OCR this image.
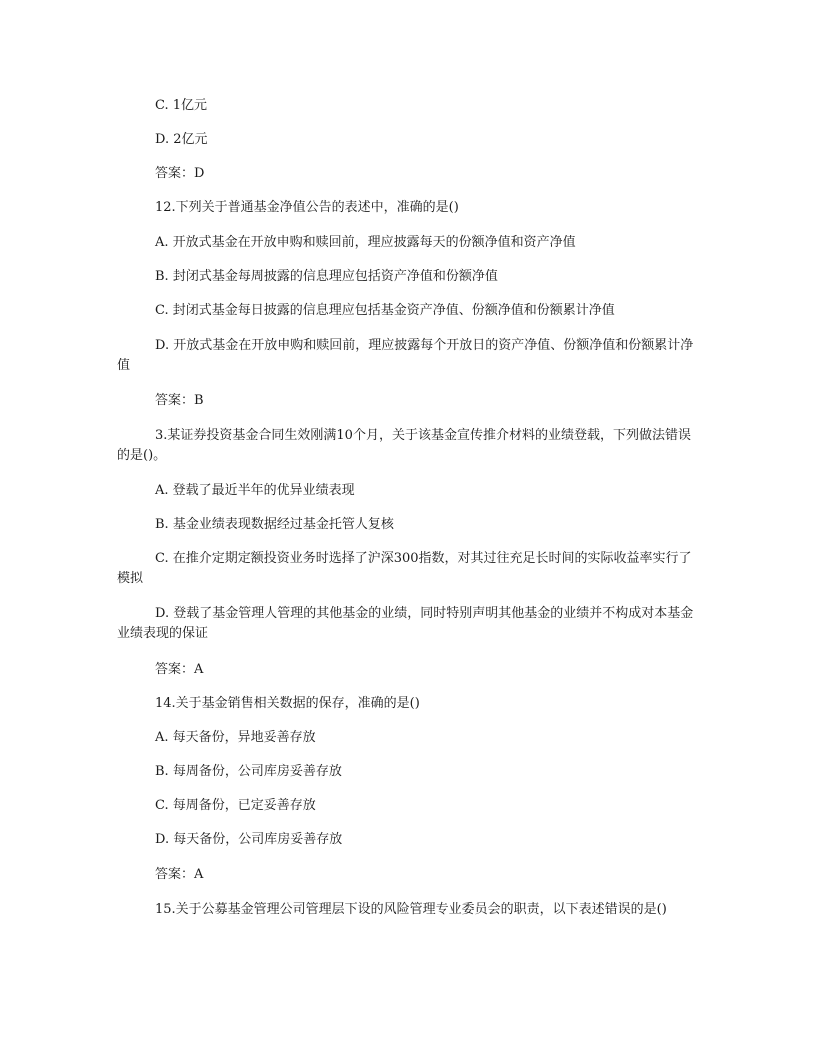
C. 1亿元

D. 2亿元

答案：D

12.下列关于普通基金净值公告的表述中，准确的是()

A. 开放式基金在开放申购和赎回前，理应披露每天的份额净值和资产净值

B. 封闭式基金每周披露的信息理应包括资产净值和份额净值

C. 封闭式基金每日披露的信息理应包括基金资产净值、份额净值和份额累计净值

D. 开放式基金在开放申购和赎回前，理应披露每个开放日的资产净值、份额净值和份额累计净值

答案：B

3.某证券投资基金合同生效刚满10个月，关于该基金宣传推介材料的业绩登载，下列做法错误的是()。

A. 登载了最近半年的优异业绩表现

B. 基金业绩表现数据经过基金托管人复核

C. 在推介定期定额投资业务时选择了沪深300指数，对其过往充足长时间的实际收益率实行了模拟

D. 登载了基金管理人管理的其他基金的业绩，同时特别声明其他基金的业绩并不构成对本基金业绩表现的保证

答案：A

14.关于基金销售相关数据的保存，准确的是()

A. 每天备份，异地妥善存放

B. 每周备份，公司库房妥善存放

C. 每周备份，已定妥善存放

D. 每天备份，公司库房妥善存放

答案：A

15.关于公募基金管理公司管理层下设的风险管理专业委员会的职责，以下表述错误的是()
